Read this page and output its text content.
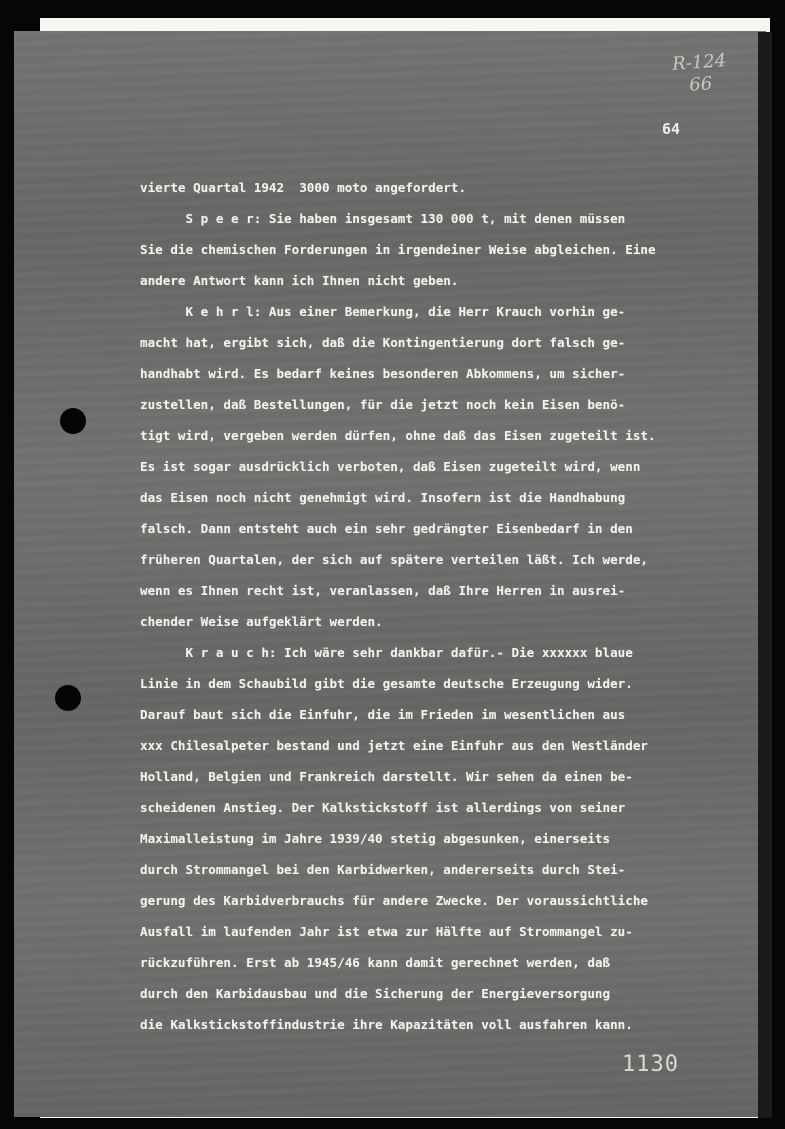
R-124
66
64
vierte Quartal 1942  3000 moto angefordert.
S p e e r: Sie haben insgesamt 130 000 t, mit denen müssen
Sie die chemischen Forderungen in irgendeiner Weise abgleichen. Eine
andere Antwort kann ich Ihnen nicht geben.
K e h r l: Aus einer Bemerkung, die Herr Krauch vorhin ge-
macht hat, ergibt sich, daß die Kontingentierung dort falsch ge-
handhabt wird. Es bedarf keines besonderen Abkommens, um sicher-
zustellen, daß Bestellungen, für die jetzt noch kein Eisen benö-
tigt wird, vergeben werden dürfen, ohne daß das Eisen zugeteilt ist.
Es ist sogar ausdrücklich verboten, daß Eisen zugeteilt wird, wenn
das Eisen noch nicht genehmigt wird. Insofern ist die Handhabung
falsch. Dann entsteht auch ein sehr gedrängter Eisenbedarf in den
früheren Quartalen, der sich auf spätere verteilen läßt. Ich werde,
wenn es Ihnen recht ist, veranlassen, daß Ihre Herren in ausrei-
chender Weise aufgeklärt werden.
K r a u c h: Ich wäre sehr dankbar dafür.- Die xxxxxx blaue
Linie in dem Schaubild gibt die gesamte deutsche Erzeugung wider.
Darauf baut sich die Einfuhr, die im Frieden im wesentlichen aus
xxx Chilesalpeter bestand und jetzt eine Einfuhr aus den Westländer
Holland, Belgien und Frankreich darstellt. Wir sehen da einen be-
scheidenen Anstieg. Der Kalkstickstoff ist allerdings von seiner
Maximalleistung im Jahre 1939/40 stetig abgesunken, einerseits
durch Strommangel bei den Karbidwerken, andererseits durch Stei-
gerung des Karbidverbrauchs für andere Zwecke. Der voraussichtliche
Ausfall im laufenden Jahr ist etwa zur Hälfte auf Strommangel zu-
rückzuführen. Erst ab 1945/46 kann damit gerechnet werden, daß
durch den Karbidausbau und die Sicherung der Energieversorgung
die Kalkstickstoffindustrie ihre Kapazitäten voll ausfahren kann.
1130
